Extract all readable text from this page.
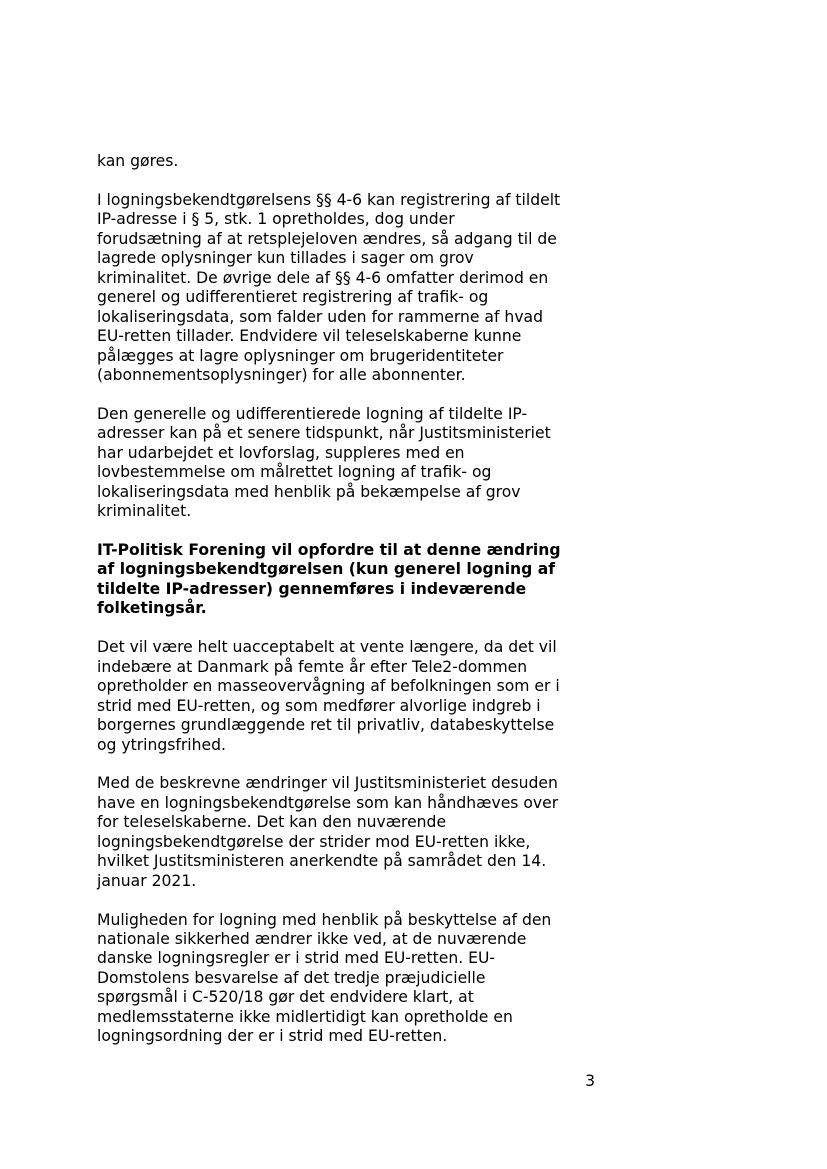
kan gøres.
I logningsbekendtgørelsens §§ 4-6 kan registrering af tildelt
IP-adresse i § 5, stk. 1 opretholdes, dog under
forudsætning af at retsplejeloven ændres, så adgang til de
lagrede oplysninger kun tillades i sager om grov
kriminalitet. De øvrige dele af §§ 4-6 omfatter derimod en
generel og udifferentieret registrering af trafik- og
lokaliseringsdata, som falder uden for rammerne af hvad
EU-retten tillader. Endvidere vil teleselskaberne kunne
pålægges at lagre oplysninger om brugeridentiteter
(abonnementsoplysninger) for alle abonnenter.
Den generelle og udifferentierede logning af tildelte IP-
adresser kan på et senere tidspunkt, når Justitsministeriet
har udarbejdet et lovforslag, suppleres med en
lovbestemmelse om målrettet logning af trafik- og
lokaliseringsdata med henblik på bekæmpelse af grov
kriminalitet.
IT-Politisk Forening vil opfordre til at denne ændring
af logningsbekendtgørelsen (kun generel logning af
tildelte IP-adresser) gennemføres i indeværende
folketingsår.
Det vil være helt uacceptabelt at vente længere, da det vil
indebære at Danmark på femte år efter Tele2-dommen
opretholder en masseovervågning af befolkningen som er i
strid med EU-retten, og som medfører alvorlige indgreb i
borgernes grundlæggende ret til privatliv, databeskyttelse
og ytringsfrihed.
Med de beskrevne ændringer vil Justitsministeriet desuden
have en logningsbekendtgørelse som kan håndhæves over
for teleselskaberne. Det kan den nuværende
logningsbekendtgørelse der strider mod EU-retten ikke,
hvilket Justitsministeren anerkendte på samrådet den 14.
januar 2021.
Muligheden for logning med henblik på beskyttelse af den
nationale sikkerhed ændrer ikke ved, at de nuværende
danske logningsregler er i strid med EU-retten. EU-
Domstolens besvarelse af det tredje præjudicielle
spørgsmål i C-520/18 gør det endvidere klart, at
medlemsstaterne ikke midlertidigt kan opretholde en
logningsordning der er i strid med EU-retten.
3
